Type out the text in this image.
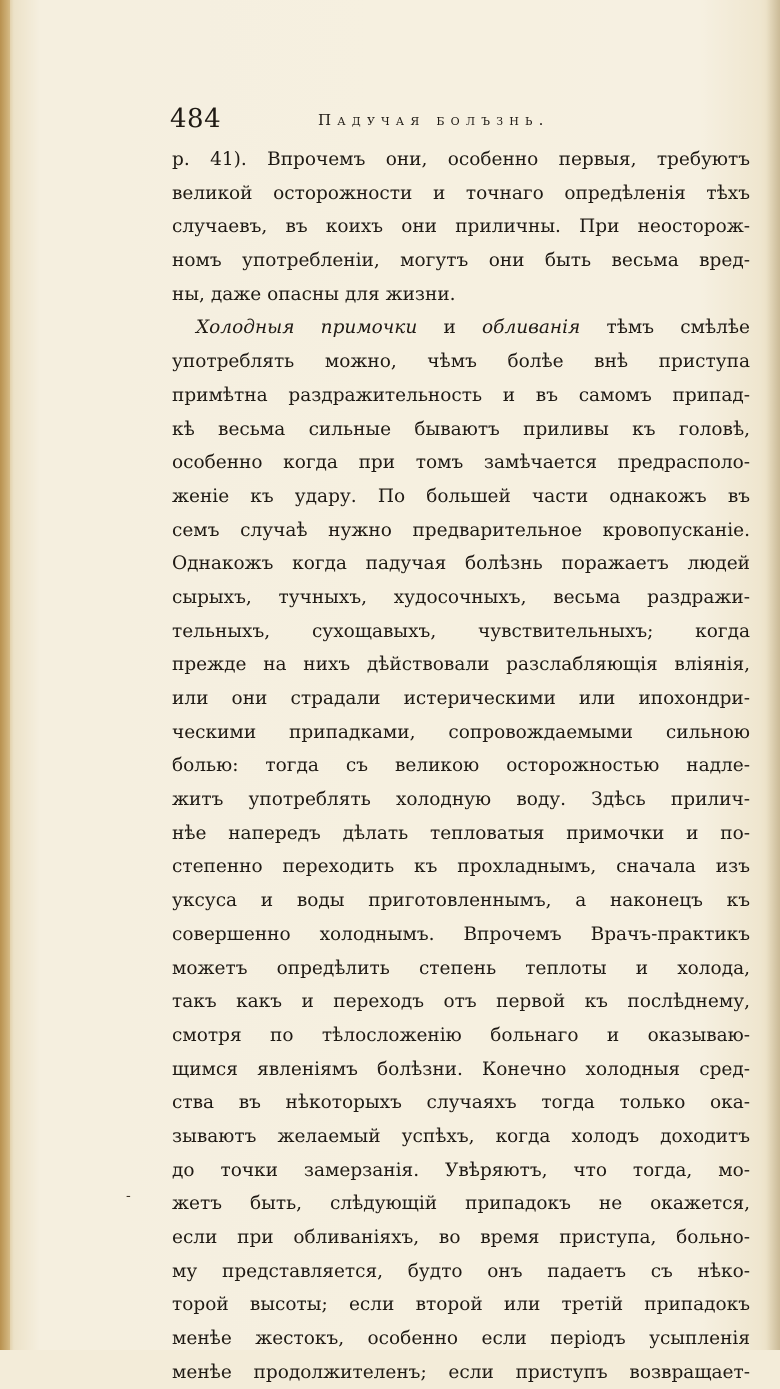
484	Падучая болъзнь.
р. 41). Впрочемъ они, особенно первыя, требуютъ
великой осторожности и точнаго опредѣленія тѣхъ
случаевъ, въ коихъ они приличны. При неосторож-
номъ употребленіи, могутъ они быть весьма вред-
ны, даже опасны для жизни.
Холодныя примочки и обливанія тѣмъ смѣлѣе
употреблять можно, чѣмъ болѣе внѣ приступа
примѣтна раздражительность и въ самомъ припад-
кѣ весьма сильные бываютъ приливы къ головѣ,
особенно когда при томъ замѣчается предрасполо-
женіе къ удару. По большей части однакожъ въ
семъ случаѣ нужно предварительное кровопусканіе.
Однакожъ когда падучая болѣзнь поражаетъ людей
сырыхъ, тучныхъ, худосочныхъ, весьма раздражи-
тельныхъ, сухощавыхъ, чувствительныхъ; когда
прежде на нихъ дѣйствовали разслабляющія вліянія,
или они страдали истерическими или ипохондри-
ческими припадками, сопровождаемыми сильною
болью: тогда съ великою осторожностью надле-
житъ употреблять холодную воду. Здѣсь прилич-
нѣе напередъ дѣлать тепловатыя примочки и по-
степенно переходить къ прохладнымъ, сначала изъ
уксуса и воды приготовленнымъ, а наконецъ къ
совершенно холоднымъ. Впрочемъ Врачъ-практикъ
можетъ опредѣлить степень теплоты и холода,
такъ какъ и переходъ отъ первой къ послѣднему,
смотря по тѣлосложенію больнаго и оказываю-
щимся явленіямъ болѣзни. Конечно холодныя сред-
ства въ нѣкоторыхъ случаяхъ тогда только ока-
зываютъ желаемый успѣхъ, когда холодъ доходитъ
до точки замерзанія. Увѣряютъ, что тогда, мо-
жетъ быть, слѣдующій припадокъ не окажется,
если при обливаніяхъ, во время приступа, больно-
му представляется, будто онъ падаетъ съ нѣко-
торой высоты; если второй или третій припадокъ
менѣе жестокъ, особенно если періодъ усыпленія
менѣе продолжителенъ; если приступъ возвращает-
-
